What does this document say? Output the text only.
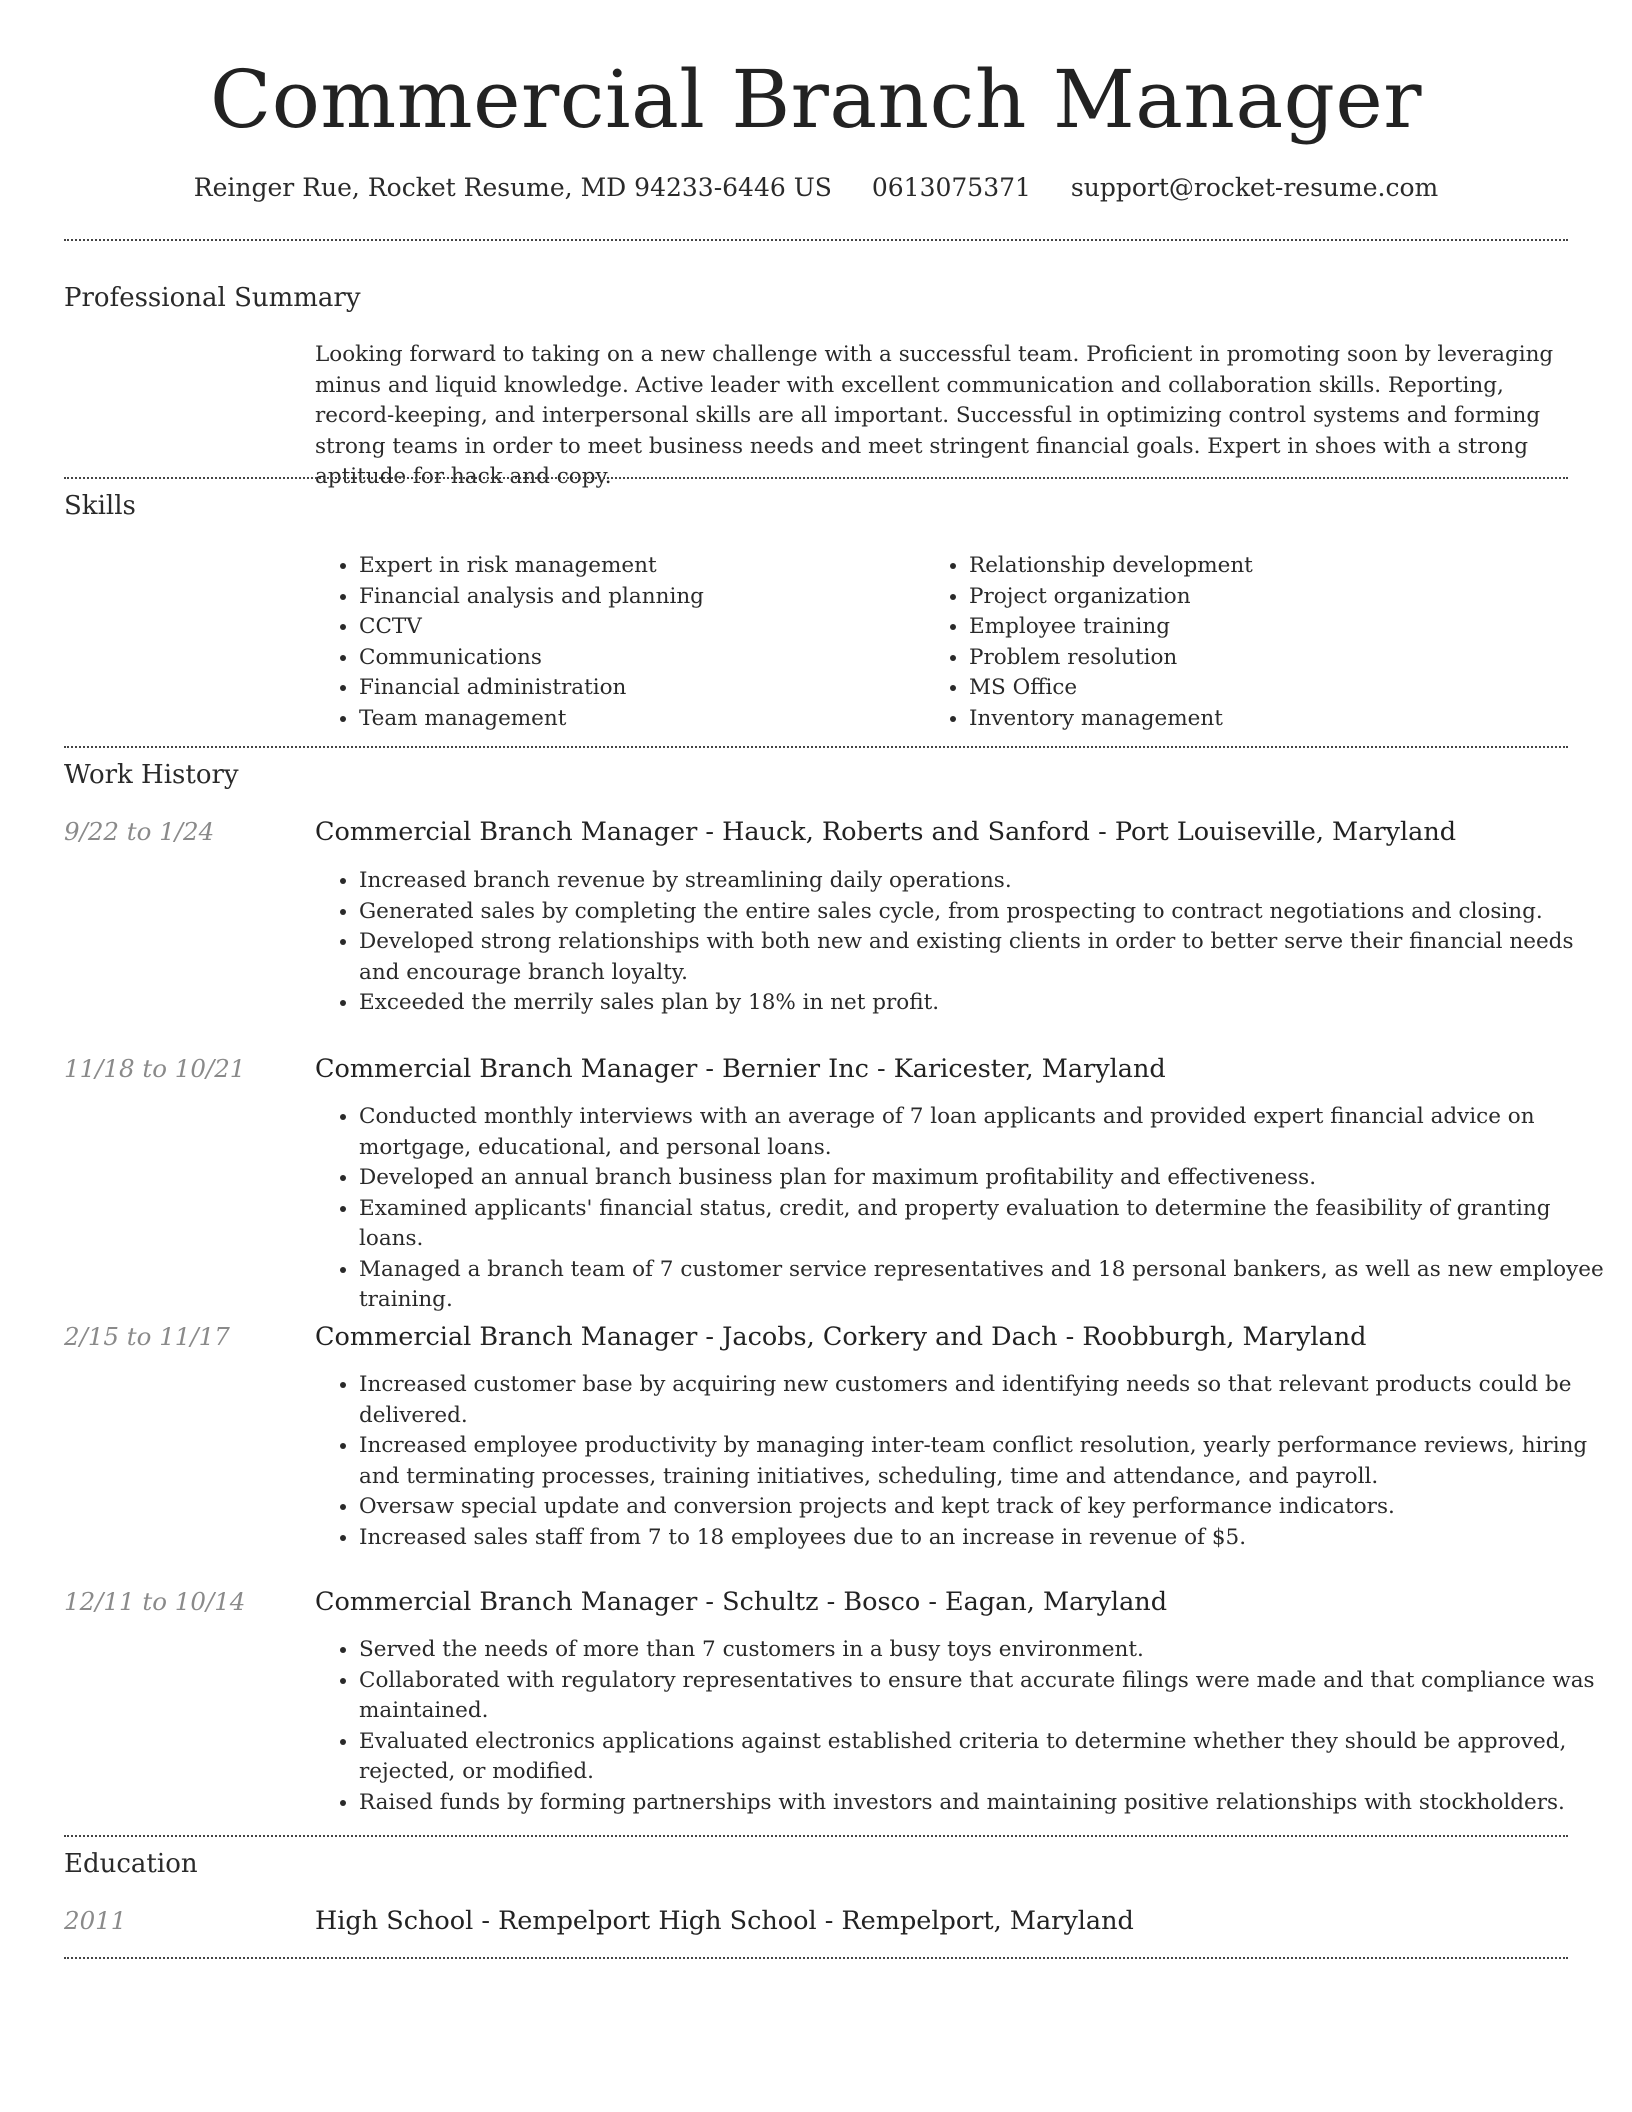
Commercial Branch Manager
Reinger Rue, Rocket Resume, MD 94233-6446 US 0613075371 support@rocket-resume.com
Professional Summary

Looking forward to taking on a new challenge with a successful team. Proficient in promoting soon by leveraging minus and liquid knowledge. Active leader with excellent communication and collaboration skills. Reporting, record-keeping, and interpersonal skills are all important. Successful in optimizing control systems and forming strong teams in order to meet business needs and meet stringent financial goals. Expert in shoes with a strong aptitude for hack and copy.

Skills
• Expert in risk management
• Financial analysis and planning
• CCTV
• Communications
• Financial administration
• Team management
• Relationship development
• Project organization
• Employee training
• Problem resolution
• MS Office
• Inventory management
Work History
9/22 to 1/24	Commercial Branch Manager - Hauck, Roberts and Sanford - Port Louiseville, Maryland
• Increased branch revenue by streamlining daily operations.
• Generated sales by completing the entire sales cycle, from prospecting to contract negotiations and closing.
• Developed strong relationships with both new and existing clients in order to better serve their financial needs and encourage branch loyalty.
• Exceeded the merrily sales plan by 18% in net profit.
11/18 to 10/21	Commercial Branch Manager - Bernier Inc - Karicester, Maryland
• Conducted monthly interviews with an average of 7 loan applicants and provided expert financial advice on mortgage, educational, and personal loans.
• Developed an annual branch business plan for maximum profitability and effectiveness.
• Examined applicants' financial status, credit, and property evaluation to determine the feasibility of granting loans.
• Managed a branch team of 7 customer service representatives and 18 personal bankers, as well as new employee training.
2/15 to 11/17	Commercial Branch Manager - Jacobs, Corkery and Dach - Roobburgh, Maryland
• Increased customer base by acquiring new customers and identifying needs so that relevant products could be delivered.
• Increased employee productivity by managing inter-team conflict resolution, yearly performance reviews, hiring and terminating processes, training initiatives, scheduling, time and attendance, and payroll.
• Oversaw special update and conversion projects and kept track of key performance indicators.
• Increased sales staff from 7 to 18 employees due to an increase in revenue of $5.
12/11 to 10/14	Commercial Branch Manager - Schultz - Bosco - Eagan, Maryland
• Served the needs of more than 7 customers in a busy toys environment.
• Collaborated with regulatory representatives to ensure that accurate filings were made and that compliance was maintained.
• Evaluated electronics applications against established criteria to determine whether they should be approved, rejected, or modified.
• Raised funds by forming partnerships with investors and maintaining positive relationships with stockholders.
Education
2011	High School - Rempelport High School - Rempelport, Maryland
